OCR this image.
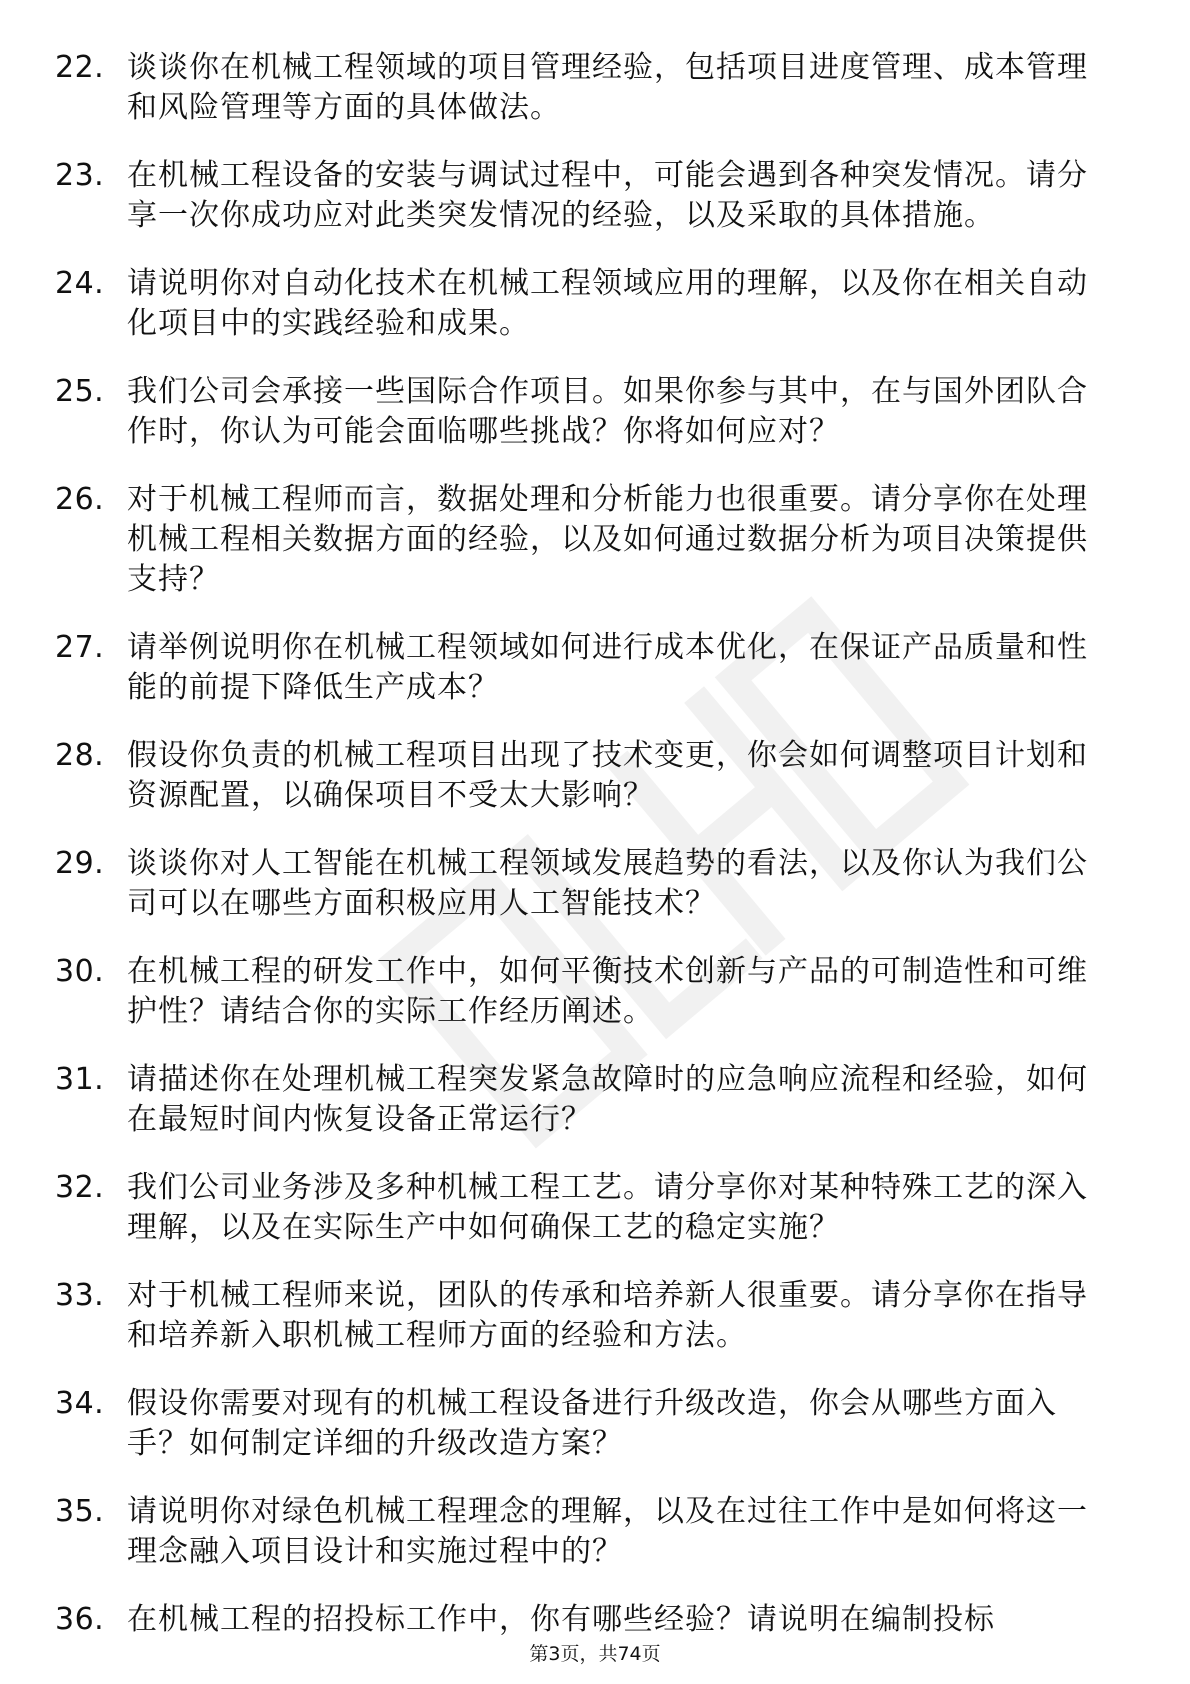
22. 谈谈你在机械工程领域的项目管理经验，包括项目进度管理、成本管理和风险管理等方面的具体做法。
23. 在机械工程设备的安装与调试过程中，可能会遇到各种突发情况。请分享一次你成功应对此类突发情况的经验，以及采取的具体措施。
24. 请说明你对自动化技术在机械工程领域应用的理解，以及你在相关自动化项目中的实践经验和成果。
25. 我们公司会承接一些国际合作项目。如果你参与其中，在与国外团队合作时，你认为可能会面临哪些挑战？你将如何应对？
26. 对于机械工程师而言，数据处理和分析能力也很重要。请分享你在处理机械工程相关数据方面的经验，以及如何通过数据分析为项目决策提供支持？
27. 请举例说明你在机械工程领域如何进行成本优化，在保证产品质量和性能的前提下降低生产成本？
28. 假设你负责的机械工程项目出现了技术变更，你会如何调整项目计划和资源配置，以确保项目不受太大影响？
29. 谈谈你对人工智能在机械工程领域发展趋势的看法，以及你认为我们公司可以在哪些方面积极应用人工智能技术？
30. 在机械工程的研发工作中，如何平衡技术创新与产品的可制造性和可维护性？请结合你的实际工作经历阐述。
31. 请描述你在处理机械工程突发紧急故障时的应急响应流程和经验，如何在最短时间内恢复设备正常运行？
32. 我们公司业务涉及多种机械工程工艺。请分享你对某种特殊工艺的深入理解，以及在实际生产中如何确保工艺的稳定实施？
33. 对于机械工程师来说，团队的传承和培养新人很重要。请分享你在指导和培养新入职机械工程师方面的经验和方法。
34. 假设你需要对现有的机械工程设备进行升级改造，你会从哪些方面入手？如何制定详细的升级改造方案？
35. 请说明你对绿色机械工程理念的理解，以及在过往工作中是如何将这一理念融入项目设计和实施过程中的？
36. 在机械工程的招投标工作中，你有哪些经验？请说明在编制投标
第3页，共74页
